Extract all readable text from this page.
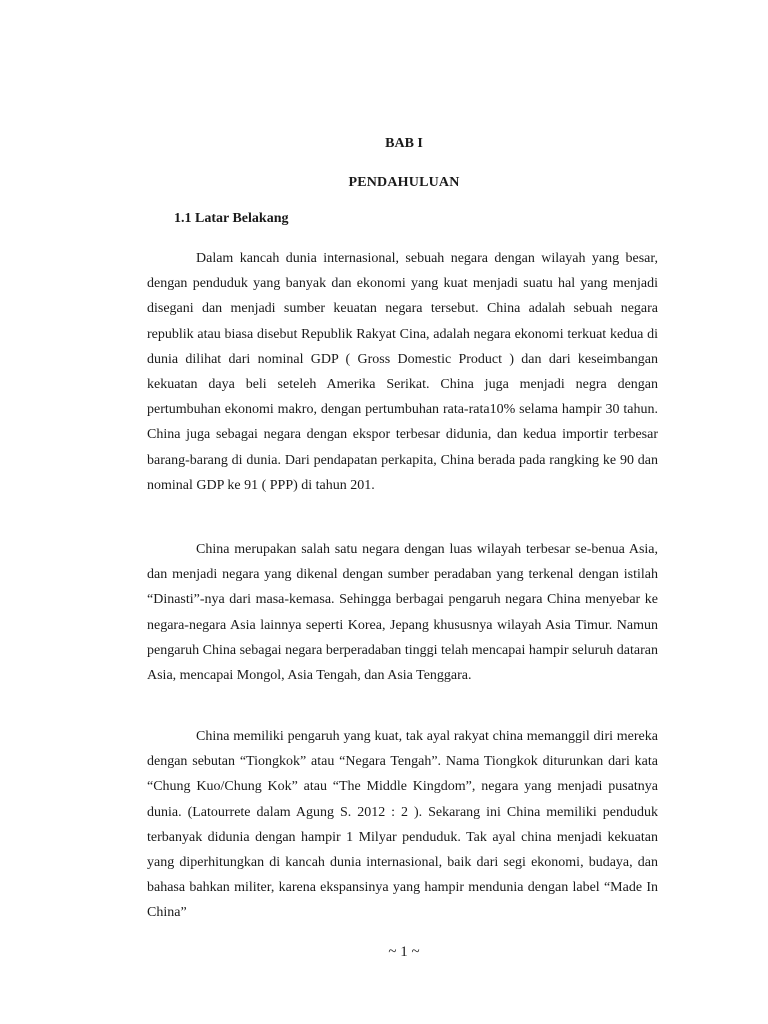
BAB I
PENDAHULUAN
1.1 Latar Belakang

Dalam kancah dunia internasional, sebuah negara dengan wilayah yang besar, dengan penduduk yang banyak dan ekonomi yang kuat menjadi suatu hal yang menjadi disegani dan menjadi sumber keuatan negara tersebut. China adalah sebuah negara republik atau biasa disebut Republik Rakyat Cina, adalah negara ekonomi terkuat kedua di dunia dilihat dari nominal GDP ( Gross Domestic Product ) dan dari keseimbangan kekuatan daya beli seteleh Amerika Serikat. China juga menjadi negra dengan pertumbuhan ekonomi makro, dengan pertumbuhan rata-rata10% selama hampir 30 tahun. China juga sebagai negara dengan ekspor terbesar didunia, dan kedua importir terbesar barang-barang di dunia. Dari pendapatan perkapita, China berada pada rangking ke 90 dan nominal GDP ke 91 ( PPP) di tahun 201.

China merupakan salah satu negara dengan luas wilayah terbesar se-benua Asia, dan menjadi negara yang dikenal dengan sumber peradaban yang terkenal dengan istilah “Dinasti”-nya dari masa-kemasa. Sehingga berbagai pengaruh negara China menyebar ke negara-negara Asia lainnya seperti Korea, Jepang khususnya wilayah Asia Timur. Namun pengaruh China sebagai negara berperadaban tinggi telah mencapai hampir seluruh dataran Asia, mencapai Mongol, Asia Tengah, dan Asia Tenggara.

China memiliki pengaruh yang kuat, tak ayal rakyat china memanggil diri mereka dengan sebutan “Tiongkok” atau “Negara Tengah”. Nama Tiongkok diturunkan dari kata “Chung Kuo/Chung Kok” atau “The Middle Kingdom”, negara yang menjadi pusatnya dunia. (Latourrete dalam Agung S. 2012 : 2 ). Sekarang ini China memiliki penduduk terbanyak didunia dengan hampir 1 Milyar penduduk. Tak ayal china menjadi kekuatan yang diperhitungkan di kancah dunia internasional, baik dari segi ekonomi, budaya, dan bahasa bahkan militer, karena ekspansinya yang hampir mendunia dengan label “Made In China”

~ 1 ~
